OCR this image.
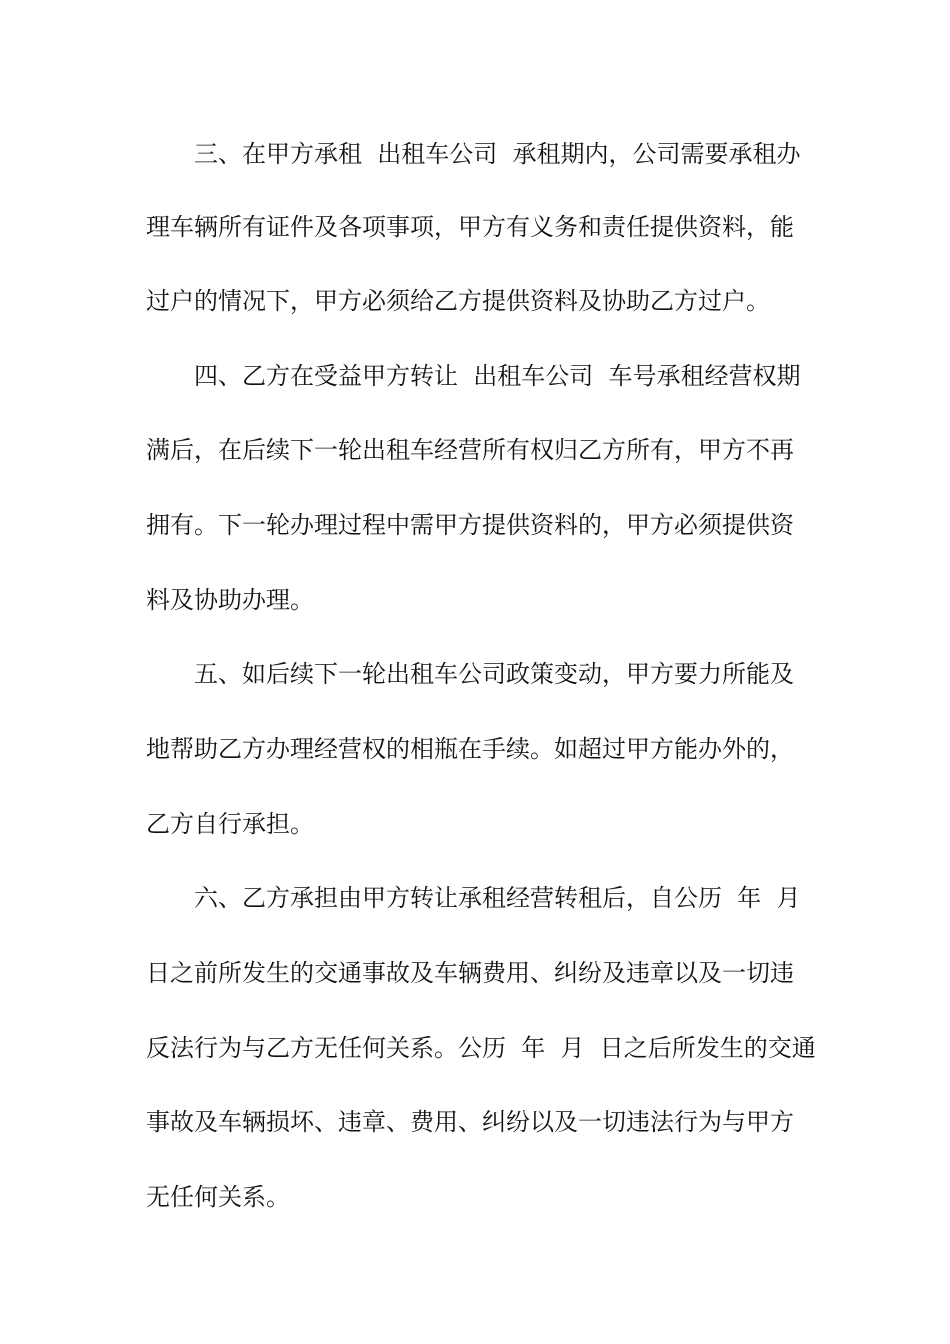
三、在甲方承租  出租车公司  承租期内，公司需要承租办
理车辆所有证件及各项事项，甲方有义务和责任提供资料，能
过户的情况下，甲方必须给乙方提供资料及协助乙方过户。
四、乙方在受益甲方转让  出租车公司  车号承租经营权期
满后，在后续下一轮出租车经营所有权归乙方所有，甲方不再
拥有。下一轮办理过程中需甲方提供资料的，甲方必须提供资
料及协助办理。
五、如后续下一轮出租车公司政策变动，甲方要力所能及
地帮助乙方办理经营权的相瓶在手续。如超过甲方能办外的，
乙方自行承担。
六、乙方承担由甲方转让承租经营转租后，自公历  年  月
日之前所发生的交通事故及车辆费用、纠纷及违章以及一切违
反法行为与乙方无任何关系。公历  年  月  日之后所发生的交通
事故及车辆损坏、违章、费用、纠纷以及一切违法行为与甲方
无任何关系。
